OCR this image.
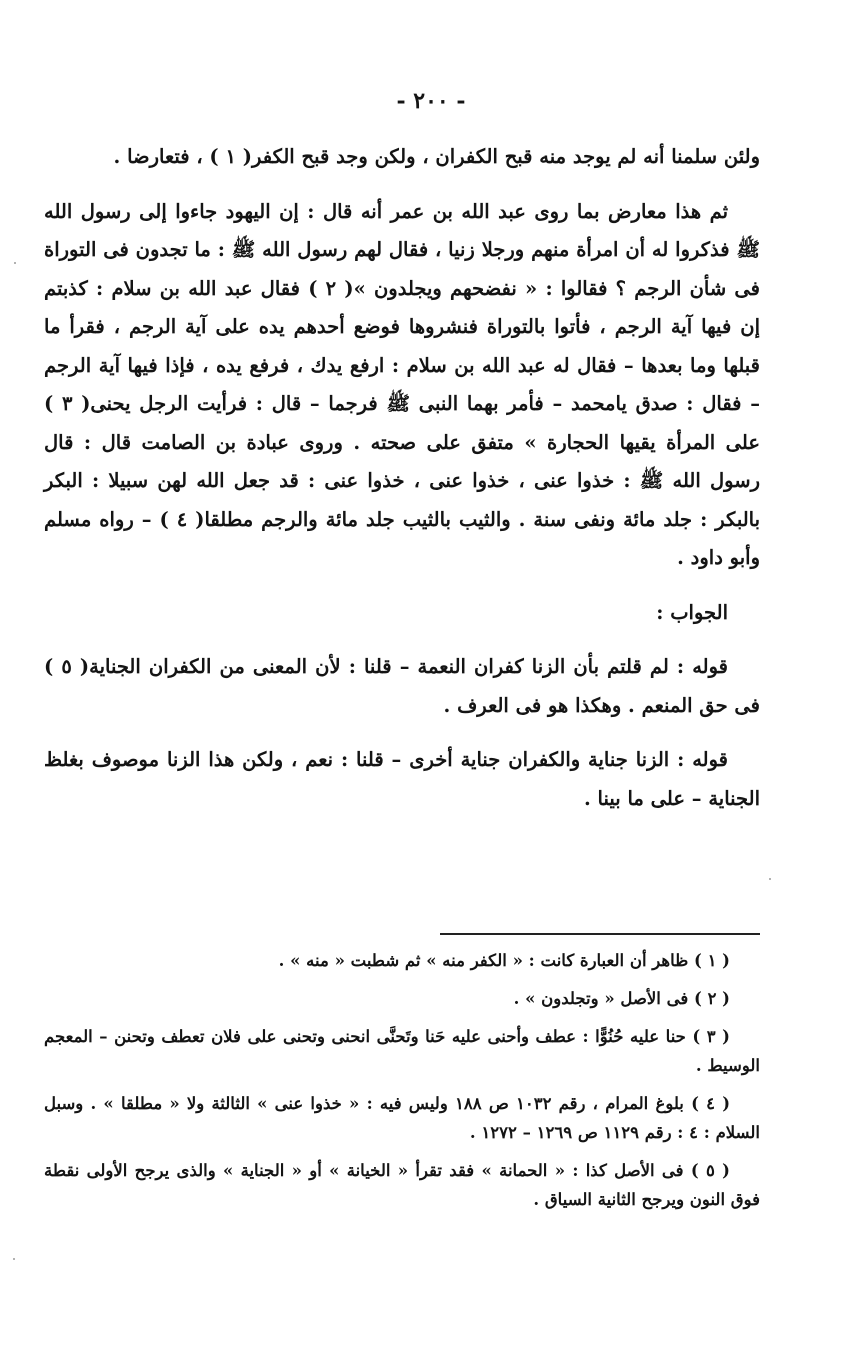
- ٢٠٠ -

ولئن سلمنا أنه لم يوجد منه قبح الكفران ، ولكن وجد قبح الكفر( ١ ) ، فتعارضا .

ثم هذا معارض بما روى عبد الله بن عمر أنه قال : إن اليهود جاءوا إلى رسول الله ﷺ فذكروا له أن امرأة منهم ورجلا زنيا ، فقال لهم رسول الله ﷺ : ما تجدون فى التوراة فى شأن الرجم ؟ فقالوا : « نفضحهم ويجلدون »( ٢ ) فقال عبد الله بن سلام : كذبتم إن فيها آية الرجم ، فأتوا بالتوراة فنشروها فوضع أحدهم يده على آية الرجم ، فقرأ ما قبلها وما بعدها – فقال له عبد الله بن سلام : ارفع يدك ، فرفع يده ، فإذا فيها آية الرجم – فقال : صدق يامحمد – فأمر بهما النبى ﷺ فرجما – قال : فرأيت الرجل يحنى( ٣ ) على المرأة يقيها الحجارة » متفق على صحته . وروى عبادة بن الصامت قال : قال رسول الله ﷺ : خذوا عنى ، خذوا عنى ، خذوا عنى : قد جعل الله لهن سبيلا : البكر بالبكر : جلد مائة ونفى سنة . والثيب بالثيب جلد مائة والرجم مطلقا( ٤ ) – رواه مسلم وأبو داود .

الجواب :

قوله : لم قلتم بأن الزنا كفران النعمة – قلنا : لأن المعنى من الكفران الجناية( ٥ ) فى حق المنعم . وهكذا هو فى العرف .

قوله : الزنا جناية والكفران جناية أخرى – قلنا : نعم ، ولكن هذا الزنا موصوف بغلظ الجناية – على ما بينا .

( ١ ) ظاهر أن العبارة كانت : « الكفر منه » ثم شطبت « منه » .

( ٢ ) فى الأصل « وتجلدون » .

( ٣ ) حنا عليه حُنُوًّا : عطف وأحنى عليه حَنا وتَحنَّى انحنى وتحنى على فلان تعطف وتحنن – المعجم الوسيط .

( ٤ ) بلوغ المرام ، رقم ١٠٣٢ ص ١٨٨ وليس فيه : « خذوا عنى » الثالثة ولا « مطلقا » . وسبل السلام : ٤ : رقم ١١٢٩ ص ١٢٦٩ – ١٢٧٢ .

( ٥ ) فى الأصل كذا : « الحمانة » فقد تقرأ « الخيانة » أو « الجناية » والذى يرجح الأولى نقطة فوق النون ويرجح الثانية السياق .
